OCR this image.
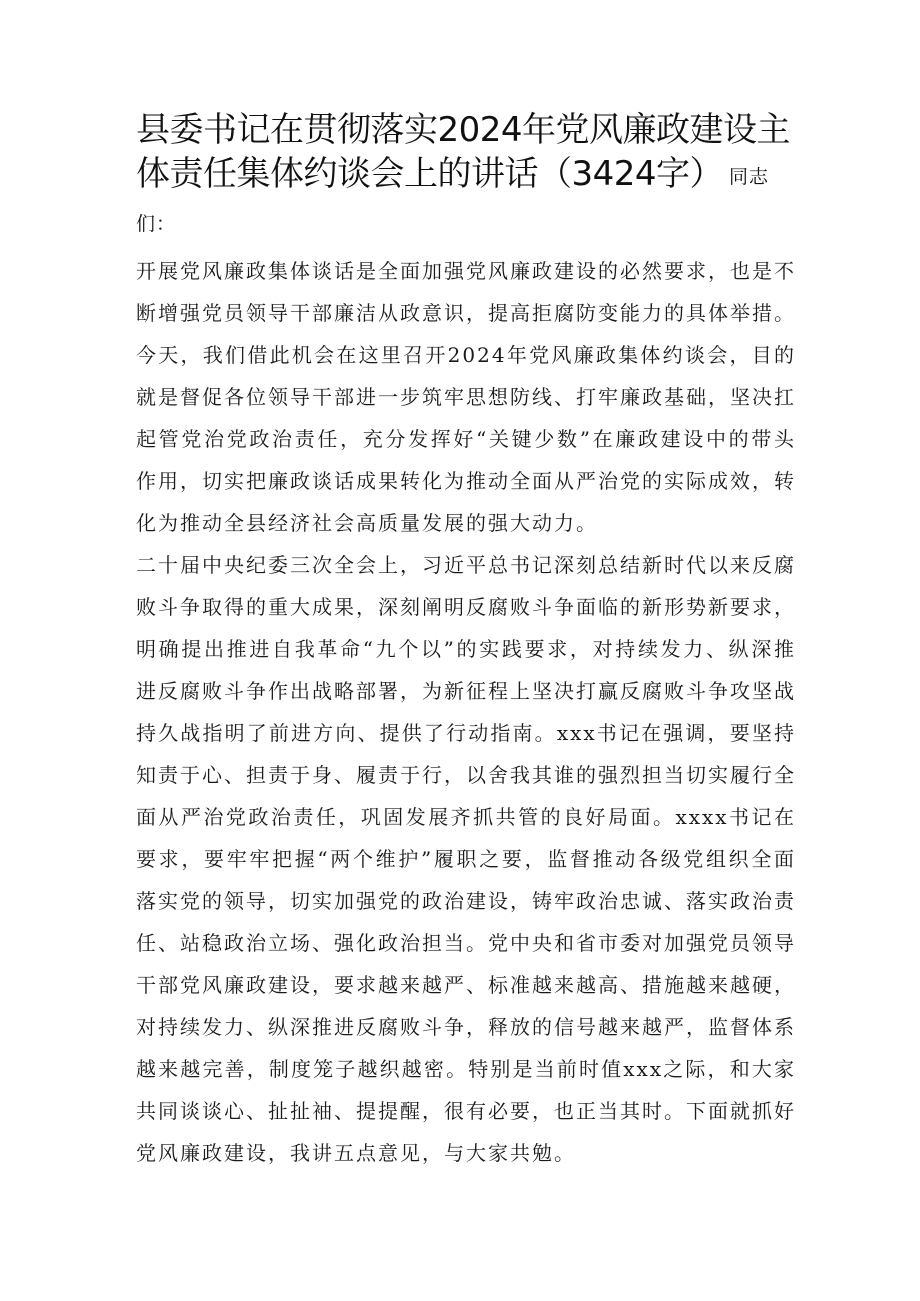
县委书记在贯彻落实2024年党风廉政建设主体责任集体约谈会上的讲话（3424字） 同志们：

开展党风廉政集体谈话是全面加强党风廉政建设的必然要求，也是不断增强党员领导干部廉洁从政意识，提高拒腐防变能力的具体举措。今天，我们借此机会在这里召开2024年党风廉政集体约谈会，目的就是督促各位领导干部进一步筑牢思想防线、打牢廉政基础，坚决扛起管党治党政治责任，充分发挥好“关键少数”在廉政建设中的带头作用，切实把廉政谈话成果转化为推动全面从严治党的实际成效，转化为推动全县经济社会高质量发展的强大动力。

二十届中央纪委三次全会上，习近平总书记深刻总结新时代以来反腐败斗争取得的重大成果，深刻阐明反腐败斗争面临的新形势新要求，明确提出推进自我革命“九个以”的实践要求，对持续发力、纵深推进反腐败斗争作出战略部署，为新征程上坚决打赢反腐败斗争攻坚战持久战指明了前进方向、提供了行动指南。xxx书记在强调，要坚持知责于心、担责于身、履责于行，以舍我其谁的强烈担当切实履行全面从严治党政治责任，巩固发展齐抓共管的良好局面。xxxx书记在要求，要牢牢把握“两个维护”履职之要，监督推动各级党组织全面落实党的领导，切实加强党的政治建设，铸牢政治忠诚、落实政治责任、站稳政治立场、强化政治担当。党中央和省市委对加强党员领导干部党风廉政建设，要求越来越严、标准越来越高、措施越来越硬，对持续发力、纵深推进反腐败斗争，释放的信号越来越严，监督体系越来越完善，制度笼子越织越密。特别是当前时值xxx之际，和大家共同谈谈心、扯扯袖、提提醒，很有必要，也正当其时。下面就抓好党风廉政建设，我讲五点意见，与大家共勉。
